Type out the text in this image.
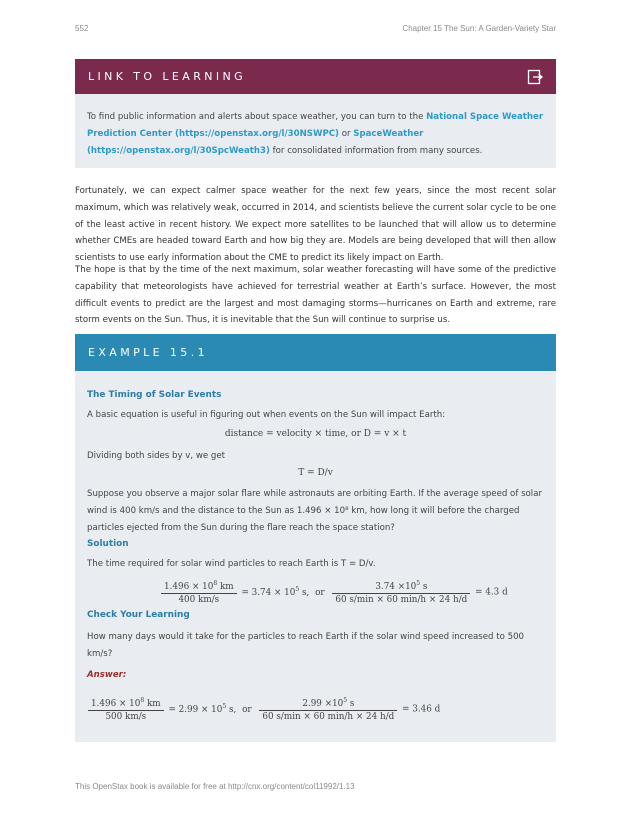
552	Chapter 15 The Sun: A Garden-Variety Star
LINK TO LEARNING
To find public information and alerts about space weather, you can turn to the National Space Weather Prediction Center (https://openstax.org/l/30NSWPC) or SpaceWeather (https://openstax.org/l/30SpcWeath3) for consolidated information from many sources.

Fortunately, we can expect calmer space weather for the next few years, since the most recent solar maximum, which was relatively weak, occurred in 2014, and scientists believe the current solar cycle to be one of the least active in recent history. We expect more satellites to be launched that will allow us to determine whether CMEs are headed toward Earth and how big they are. Models are being developed that will then allow scientists to use early information about the CME to predict its likely impact on Earth.

The hope is that by the time of the next maximum, solar weather forecasting will have some of the predictive capability that meteorologists have achieved for terrestrial weather at Earth’s surface. However, the most difficult events to predict are the largest and most damaging storms—hurricanes on Earth and extreme, rare storm events on the Sun. Thus, it is inevitable that the Sun will continue to surprise us.

EXAMPLE 15.1
The Timing of Solar Events
A basic equation is useful in figuring out when events on the Sun will impact Earth:
distance = velocity × time, or D = v × t
Dividing both sides by v, we get
T = D/v
Suppose you observe a major solar flare while astronauts are orbiting Earth. If the average speed of solar wind is 400 km/s and the distance to the Sun as 1.496 × 10⁸ km, how long it will before the charged particles ejected from the Sun during the flare reach the space station?
Solution
The time required for solar wind particles to reach Earth is T = D/v.
$\frac{1.496 \times 10^8 km}{400 km/s} = 3.74 \times 10^5$ s, or $\frac{3.74 \times 10^5 s}{60 s/\min \times 60 \min/h \times 24 h/d} = 4.3$ d
Check Your Learning
How many days would it take for the particles to reach Earth if the solar wind speed increased to 500 km/s?
Answer:
$\frac{1.496 \times 10^8 km}{500 km/s} = 2.99 \times 10^5$ s, or $\frac{2.99 \times 10^5 s}{60 s/\min \times 60 \min/h \times 24 h/d} = 3.46$ d
This OpenStax book is available for free at http://cnx.org/content/col11992/1.13
